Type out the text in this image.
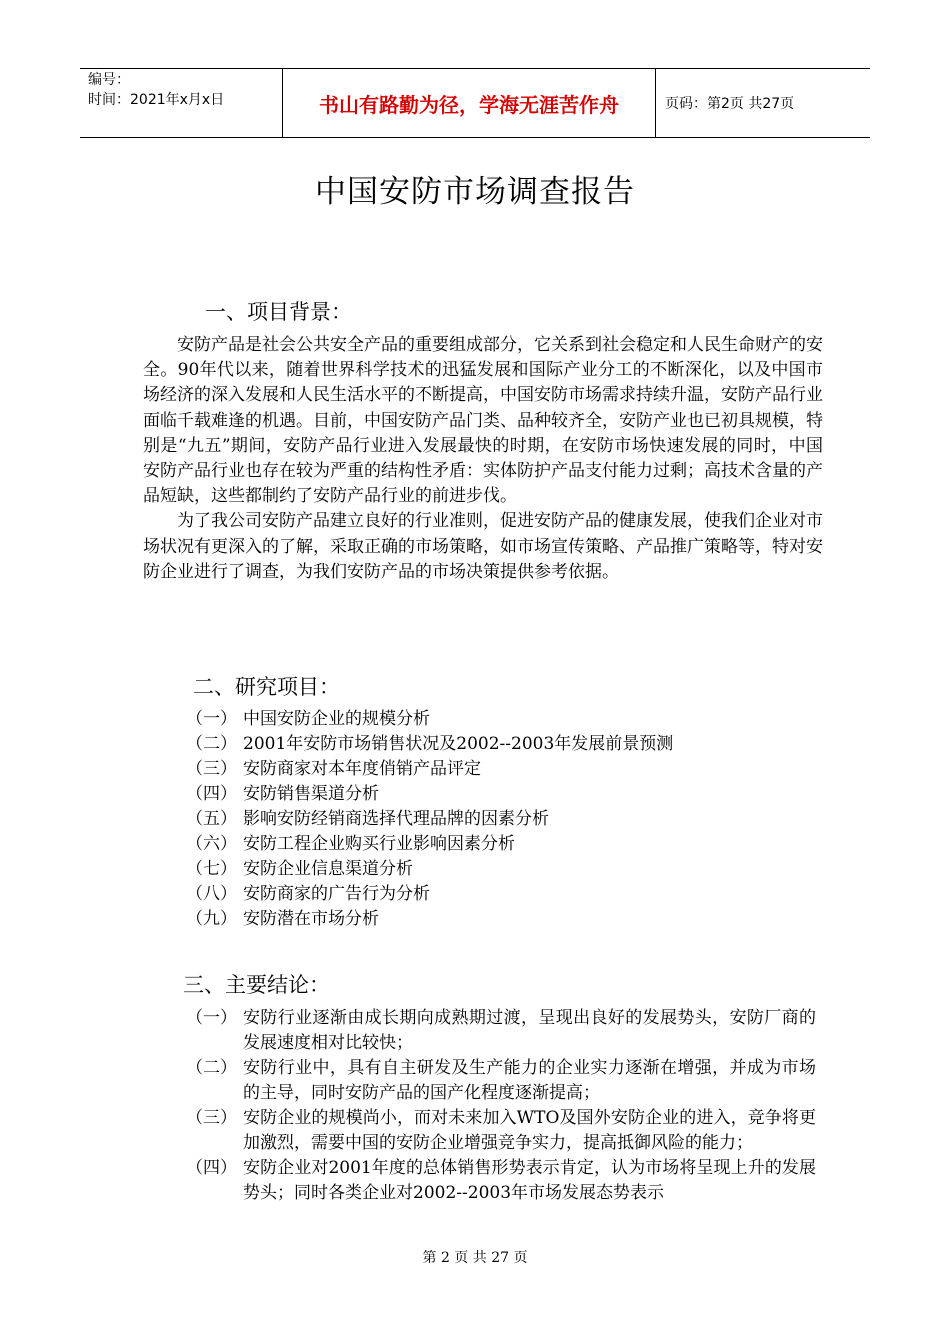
编号：
时间：2021年x月x日	书山有路勤为径，学海无涯苦作舟	页码：第2页 共27页
中国安防市场调查报告
一、项目背景：

安防产品是社会公共安全产品的重要组成部分，它关系到社会稳定和人民生命财产的安全。90年代以来，随着世界科学技术的迅猛发展和国际产业分工的不断深化，以及中国市场经济的深入发展和人民生活水平的不断提高，中国安防市场需求持续升温，安防产品行业面临千载难逢的机遇。目前，中国安防产品门类、品种较齐全，安防产业也已初具规模，特别是“九五”期间，安防产品行业进入发展最快的时期，在安防市场快速发展的同时，中国安防产品行业也存在较为严重的结构性矛盾：实体防护产品支付能力过剩；高技术含量的产品短缺，这些都制约了安防产品行业的前进步伐。

为了我公司安防产品建立良好的行业准则，促进安防产品的健康发展，使我们企业对市场状况有更深入的了解，采取正确的市场策略，如市场宣传策略、产品推广策略等，特对安防企业进行了调查，为我们安防产品的市场决策提供参考依据。

二、研究项目：
（一） 中国安防企业的规模分析
（二） 2001年安防市场销售状况及2002--2003年发展前景预测
（三） 安防商家对本年度俏销产品评定
（四） 安防销售渠道分析
（五） 影响安防经销商选择代理品牌的因素分析
（六） 安防工程企业购买行业影响因素分析
（七） 安防企业信息渠道分析
（八） 安防商家的广告行为分析
（九） 安防潜在市场分析
三、主要结论：
（一） 安防行业逐渐由成长期向成熟期过渡，呈现出良好的发展势头，安防厂商的发展速度相对比较快；
（二） 安防行业中，具有自主研发及生产能力的企业实力逐渐在增强，并成为市场的主导，同时安防产品的国产化程度逐渐提高；
（三） 安防企业的规模尚小，而对未来加入WTO及国外安防企业的进入，竞争将更加激烈，需要中国的安防企业增强竞争实力，提高抵御风险的能力；
（四） 安防企业对2001年度的总体销售形势表示肯定，认为市场将呈现上升的发展势头；同时各类企业对2002--2003年市场发展态势表示
第 2 页 共 27 页
